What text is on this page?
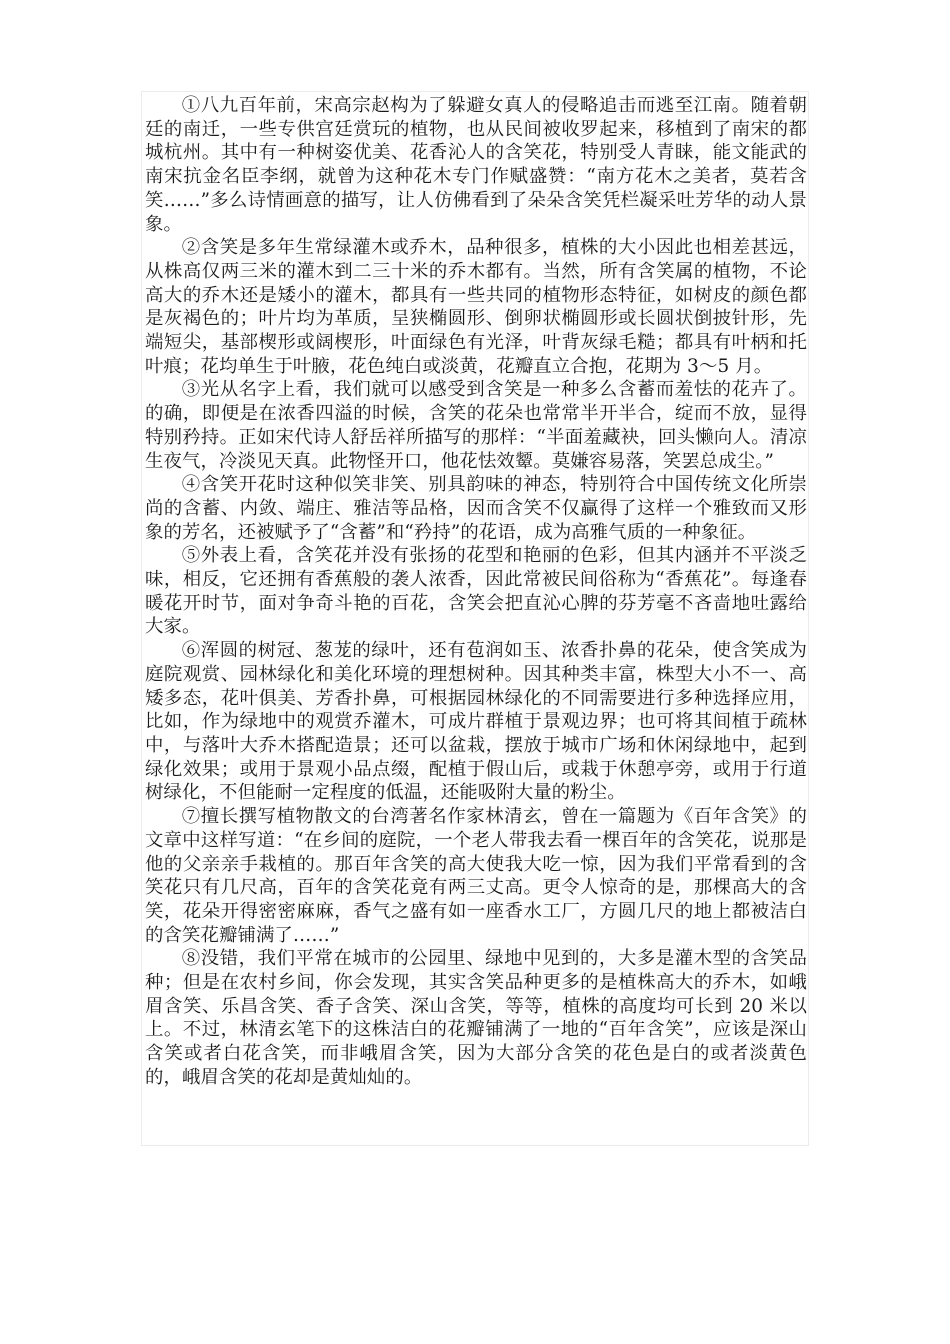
①八九百年前，宋高宗赵构为了躲避女真人的侵略追击而逃至江南。随着朝廷的南迁，一些专供宫廷赏玩的植物，也从民间被收罗起来，移植到了南宋的都城杭州。其中有一种树姿优美、花香沁人的含笑花，特别受人青睐，能文能武的南宋抗金名臣李纲，就曾为这种花木专门作赋盛赞：“南方花木之美者，莫若含笑……”多么诗情画意的描写，让人仿佛看到了朵朵含笑凭栏凝采吐芳华的动人景象。

②含笑是多年生常绿灌木或乔木，品种很多，植株的大小因此也相差甚远，从株高仅两三米的灌木到二三十米的乔木都有。当然，所有含笑属的植物，不论高大的乔木还是矮小的灌木，都具有一些共同的植物形态特征，如树皮的颜色都是灰褐色的；叶片均为革质，呈狭椭圆形、倒卵状椭圆形或长圆状倒披针形，先端短尖，基部楔形或阔楔形，叶面绿色有光泽，叶背灰绿毛糙；都具有叶柄和托叶痕；花均单生于叶腋，花色纯白或淡黄，花瓣直立合抱，花期为 3～5 月。

③光从名字上看，我们就可以感受到含笑是一种多么含蓄而羞怯的花卉了。的确，即便是在浓香四溢的时候，含笑的花朵也常常半开半合，绽而不放，显得特别矜持。正如宋代诗人舒岳祥所描写的那样：“半面羞藏袂，回头懒向人。清凉生夜气，冷淡见天真。此物怪开口，他花怯效颦。莫嫌容易落，笑罢总成尘。”

④含笑开花时这种似笑非笑、别具韵味的神态，特别符合中国传统文化所崇尚的含蓄、内敛、端庄、雅洁等品格，因而含笑不仅赢得了这样一个雅致而又形象的芳名，还被赋予了“含蓄”和“矜持”的花语，成为高雅气质的一种象征。

⑤外表上看，含笑花并没有张扬的花型和艳丽的色彩，但其内涵并不平淡乏味，相反，它还拥有香蕉般的袭人浓香，因此常被民间俗称为“香蕉花”。每逢春暖花开时节，面对争奇斗艳的百花，含笑会把直沁心脾的芬芳毫不吝啬地吐露给大家。

⑥浑圆的树冠、葱茏的绿叶，还有苞润如玉、浓香扑鼻的花朵，使含笑成为庭院观赏、园林绿化和美化环境的理想树种。因其种类丰富，株型大小不一、高矮多态，花叶俱美、芳香扑鼻，可根据园林绿化的不同需要进行多种选择应用，比如，作为绿地中的观赏乔灌木，可成片群植于景观边界；也可将其间植于疏林中，与落叶大乔木搭配造景；还可以盆栽，摆放于城市广场和休闲绿地中，起到绿化效果；或用于景观小品点缀，配植于假山后，或栽于休憩亭旁，或用于行道树绿化，不但能耐一定程度的低温，还能吸附大量的粉尘。

⑦擅长撰写植物散文的台湾著名作家林清玄，曾在一篇题为《百年含笑》的文章中这样写道：“在乡间的庭院，一个老人带我去看一棵百年的含笑花，说那是他的父亲亲手栽植的。那百年含笑的高大使我大吃一惊，因为我们平常看到的含笑花只有几尺高，百年的含笑花竟有两三丈高。更令人惊奇的是，那棵高大的含笑，花朵开得密密麻麻，香气之盛有如一座香水工厂，方圆几尺的地上都被洁白的含笑花瓣铺满了……”

⑧没错，我们平常在城市的公园里、绿地中见到的，大多是灌木型的含笑品种；但是在农村乡间，你会发现，其实含笑品种更多的是植株高大的乔木，如峨眉含笑、乐昌含笑、香子含笑、深山含笑，等等，植株的高度均可长到 20 米以上。不过，林清玄笔下的这株洁白的花瓣铺满了一地的“百年含笑”，应该是深山含笑或者白花含笑，而非峨眉含笑，因为大部分含笑的花色是白的或者淡黄色的，峨眉含笑的花却是黄灿灿的。
